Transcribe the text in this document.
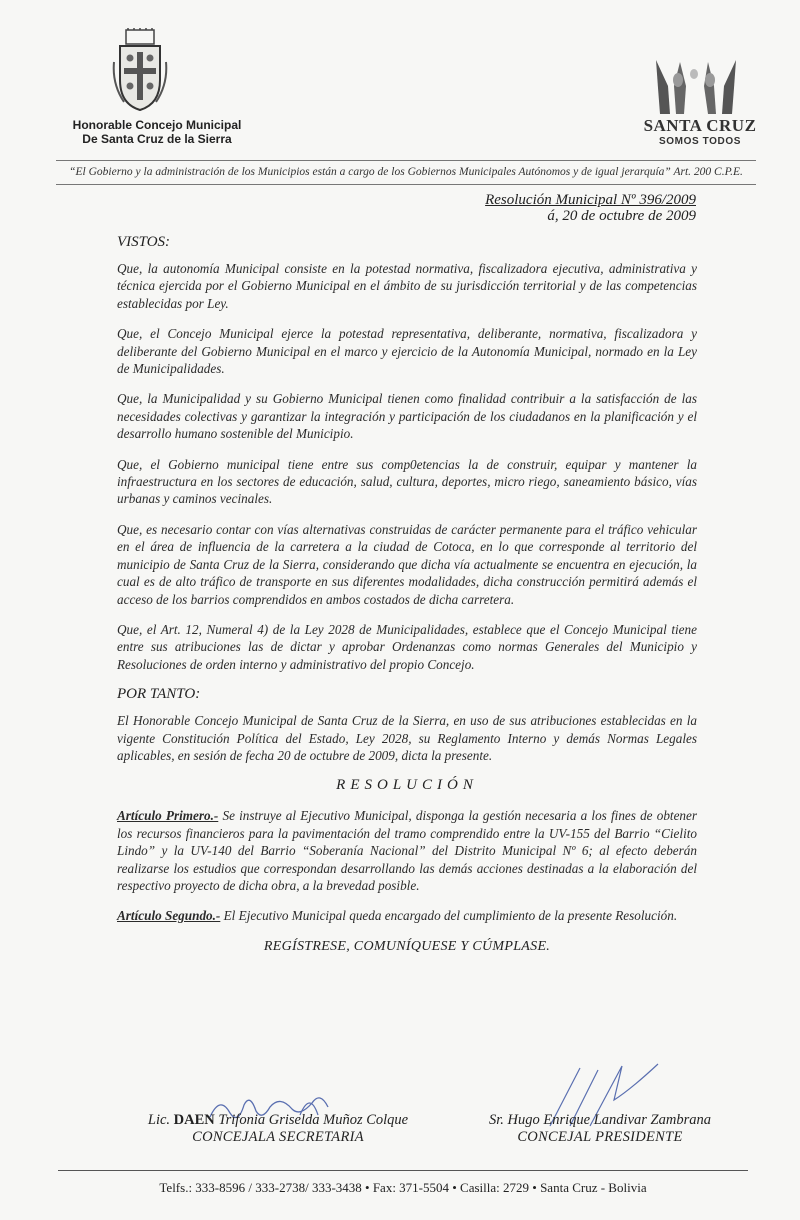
Honorable Concejo Municipal
De Santa Cruz de la Sierra
SANTA CRUZ
SOMOS TODOS
“El Gobierno y la administración de los Municipios están a cargo de los Gobiernos Municipales Autónomos y de igual jerarquía” Art. 200 C.P.E.
Resolución Municipal Nº 396/2009
á, 20 de octubre de 2009
VISTOS:

Que, la autonomía Municipal consiste en la potestad normativa, fiscalizadora ejecutiva, administrativa y técnica ejercida por el Gobierno Municipal en el ámbito de su jurisdicción territorial y de las competencias establecidas por Ley.

Que, el Concejo Municipal ejerce la potestad representativa, deliberante, normativa, fiscalizadora y deliberante del Gobierno Municipal en el marco y ejercicio de la Autonomía Municipal, normado en la Ley de Municipalidades.

Que, la Municipalidad y su Gobierno Municipal tienen como finalidad contribuir a la satisfacción de las necesidades colectivas y garantizar la integración y participación de los ciudadanos en la planificación y el desarrollo humano sostenible del Municipio.

Que, el Gobierno municipal tiene entre sus comp0etencias la de construir, equipar y mantener la infraestructura en los sectores de educación, salud, cultura, deportes, micro riego, saneamiento básico, vías urbanas y caminos vecinales.

Que, es necesario contar con vías alternativas construidas de carácter permanente para el tráfico vehicular en el área de influencia de la carretera a la ciudad de Cotoca, en lo que corresponde al territorio del municipio de Santa Cruz de la Sierra, considerando que dicha vía actualmente se encuentra en ejecución, la cual es de alto tráfico de transporte en sus diferentes modalidades, dicha construcción permitirá además el acceso de los barrios comprendidos en ambos costados de dicha carretera.

Que, el Art. 12, Numeral 4) de la Ley 2028 de Municipalidades, establece que el Concejo Municipal tiene entre sus atribuciones las de dictar y aprobar Ordenanzas como normas Generales del Municipio y Resoluciones de orden interno y administrativo del propio Concejo.

POR TANTO:

El Honorable Concejo Municipal de Santa Cruz de la Sierra, en uso de sus atribuciones establecidas en la vigente Constitución Política del Estado, Ley 2028, su Reglamento Interno y demás Normas Legales aplicables, en sesión de fecha 20 de octubre de 2009, dicta la presente.

RESOLUCIÓN

Artículo Primero.- Se instruye al Ejecutivo Municipal, disponga la gestión necesaria a los fines de obtener los recursos financieros para la pavimentación del tramo comprendido entre la UV-155 del Barrio “Cielito Lindo” y la UV-140 del Barrio “Soberanía Nacional” del Distrito Municipal Nº 6; al efecto deberán realizarse los estudios que correspondan desarrollando las demás acciones destinadas a la elaboración del respectivo proyecto de dicha obra, a la brevedad posible.

Artículo Segundo.- El Ejecutivo Municipal queda encargado del cumplimiento de la presente Resolución.

REGÍSTRESE, COMUNÍQUESE Y CÚMPLASE.
Lic. DAEN Trifonia Griselda Muñoz Colque
CONCEJALA SECRETARIA
Sr. Hugo Enrique Landivar Zambrana
CONCEJAL PRESIDENTE
Telfs.: 333-8596 / 333-2738/ 333-3438 • Fax: 371-5504 • Casilla: 2729 • Santa Cruz - Bolivia
